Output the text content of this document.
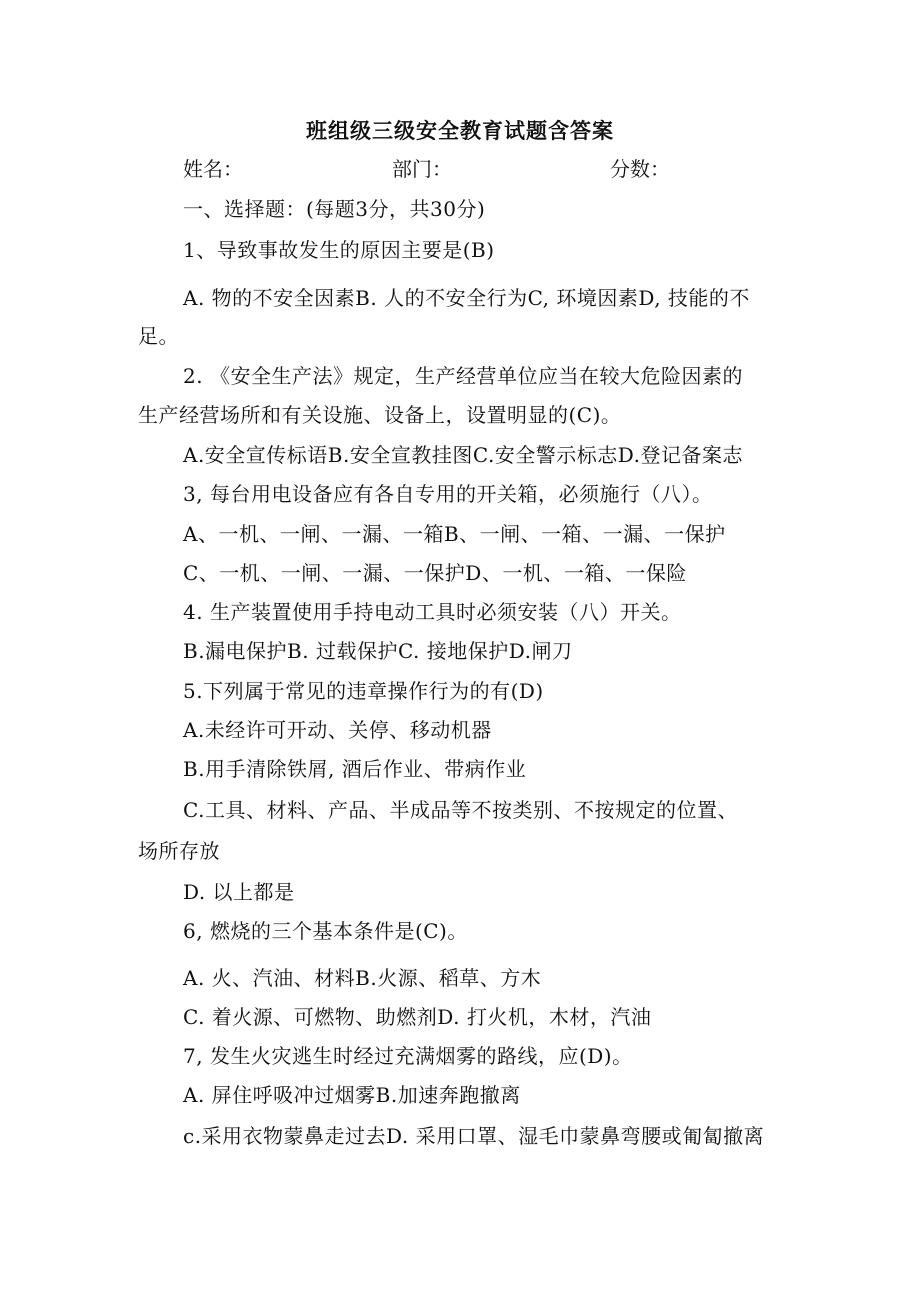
班组级三级安全教育试题含答案
姓名：	部门：	分数：
一、选择题：(每题3分，共30分)
1、导致事故发生的原因主要是(B)
A. 物的不安全因素B. 人的不安全行为C, 环境因素D, 技能的不
足。
2. 《安全生产法》规定，生产经营单位应当在较大危险因素的
生产经营场所和有关设施、设备上，设置明显的(C)。
A.安全宣传标语B.安全宣教挂图C.安全警示标志D.登记备案志
3, 每台用电设备应有各自专用的开关箱，必须施行（八）。
A、一机、一闸、一漏、一箱B、一闸、一箱、一漏、一保护
C、一机、一闸、一漏、一保护D、一机、一箱、一保险
4. 生产装置使用手持电动工具时必须安装（八）开关。
B.漏电保护B. 过载保护C. 接地保护D.闸刀
5.下列属于常见的违章操作行为的有(D)
A.未经许可开动、关停、移动机器
B.用手清除铁屑, 酒后作业、带病作业
C.工具、材料、产品、半成品等不按类别、不按规定的位置、
场所存放
D. 以上都是
6, 燃烧的三个基本条件是(C)。
A. 火、汽油、材料B.火源、稻草、方木
C. 着火源、可燃物、助燃剂D. 打火机，木材，汽油
7, 发生火灾逃生时经过充满烟雾的路线，应(D)。
A. 屏住呼吸冲过烟雾B.加速奔跑撤离
c.采用衣物蒙鼻走过去D. 采用口罩、湿毛巾蒙鼻弯腰或匍匐撤离
